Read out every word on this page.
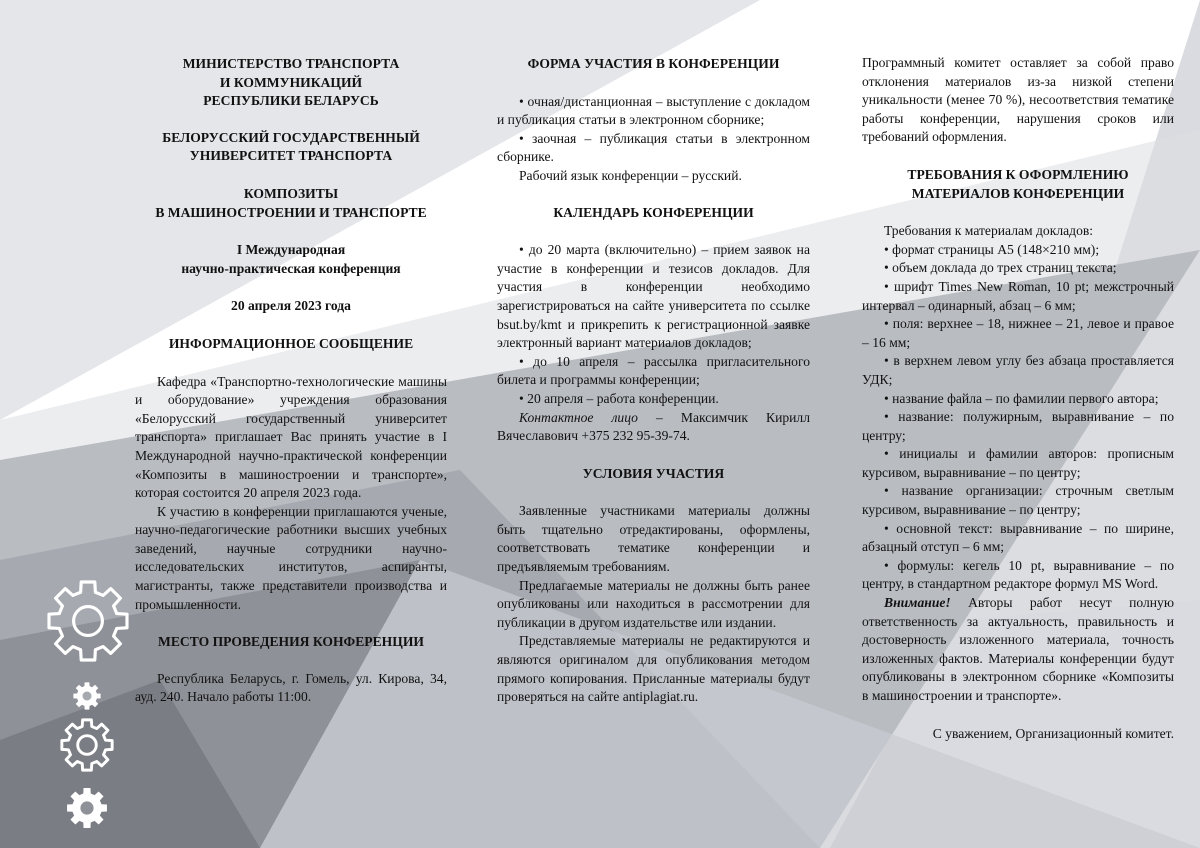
МИНИСТЕРСТВО ТРАНСПОРТА
И КОММУНИКАЦИЙ
РЕСПУБЛИКИ БЕЛАРУСЬ
БЕЛОРУССКИЙ ГОСУДАРСТВЕННЫЙ
УНИВЕРСИТЕТ ТРАНСПОРТА
КОМПОЗИТЫ
В МАШИНОСТРОЕНИИ И ТРАНСПОРТЕ
I Международная
научно-практическая конференция
20 апреля 2023 года
ИНФОРМАЦИОННОЕ СООБЩЕНИЕ

Кафедра «Транспортно-технологические машины и оборудование» учреждения образования «Белорусский государственный университет транспорта» приглашает Вас принять участие в I Международной научно-практической конференции «Композиты в машиностроении и транспорте», которая состоится 20 апреля 2023 года.

К участию в конференции приглашаются ученые, научно-педагогические работники высших учебных заведений, научные сотрудники научно-исследовательских институтов, аспиранты, магистранты, также представители производства и промышленности.

МЕСТО ПРОВЕДЕНИЯ КОНФЕРЕНЦИИ

Республика Беларусь, г. Гомель, ул. Кирова, 34, ауд. 240. Начало работы 11:00.

ФОРМА УЧАСТИЯ В КОНФЕРЕНЦИИ

• очная/дистанционная – выступление с докладом и публикация статьи в электронном сборнике;

• заочная – публикация статьи в электронном сборнике.

Рабочий язык конференции – русский.

КАЛЕНДАРЬ КОНФЕРЕНЦИИ

• до 20 марта (включительно) – прием заявок на участие в конференции и тезисов докладов. Для участия в конференции необходимо зарегистрироваться на сайте университета по ссылке bsut.by/kmt и прикрепить к регистрационной заявке электронный вариант материалов докладов;

• до 10 апреля – рассылка пригласительного билета и программы конференции;

• 20 апреля – работа конференции.

Контактное лицо – Максимчик Кирилл Вячеславович +375 232 95-39-74.

УСЛОВИЯ УЧАСТИЯ

Заявленные участниками материалы должны быть тщательно отредактированы, оформлены, соответствовать тематике конференции и предъявляемым требованиям.

Предлагаемые материалы не должны быть ранее опубликованы или находиться в рассмотрении для публикации в другом издательстве или издании.

Представляемые материалы не редактируются и являются оригиналом для опубликования методом прямого копирования. Присланные материалы будут проверяться на сайте antiplagiat.ru.

Программный комитет оставляет за собой право отклонения материалов из-за низкой степени уникальности (менее 70 %), несоответствия тематике работы конференции, нарушения сроков или требований оформления.

ТРЕБОВАНИЯ К ОФОРМЛЕНИЮ
МАТЕРИАЛОВ КОНФЕРЕНЦИИ

Требования к материалам докладов:

• формат страницы А5 (148×210 мм);

• объем доклада до трех страниц текста;

• шрифт Times New Roman, 10 pt; межстрочный интервал – одинарный, абзац – 6 мм;

• поля: верхнее – 18, нижнее – 21, левое и правое – 16 мм;

• в верхнем левом углу без абзаца проставляется УДК;

• название файла – по фамилии первого автора;

• название: полужирным, выравнивание – по центру;

• инициалы и фамилии авторов: прописным курсивом, выравнивание – по центру;

• название организации: строчным светлым курсивом, выравнивание – по центру;

• основной текст: выравнивание – по ширине, абзацный отступ – 6 мм;

• формулы: кегель 10 pt, выравнивание – по центру, в стандартном редакторе формул MS Word.

Внимание! Авторы работ несут полную ответственность за актуальность, правильность и достоверность изложенного материала, точность изложенных фактов. Материалы конференции будут опубликованы в электронном сборнике «Композиты в машиностроении и транспорте».

С уважением, Организационный комитет.
